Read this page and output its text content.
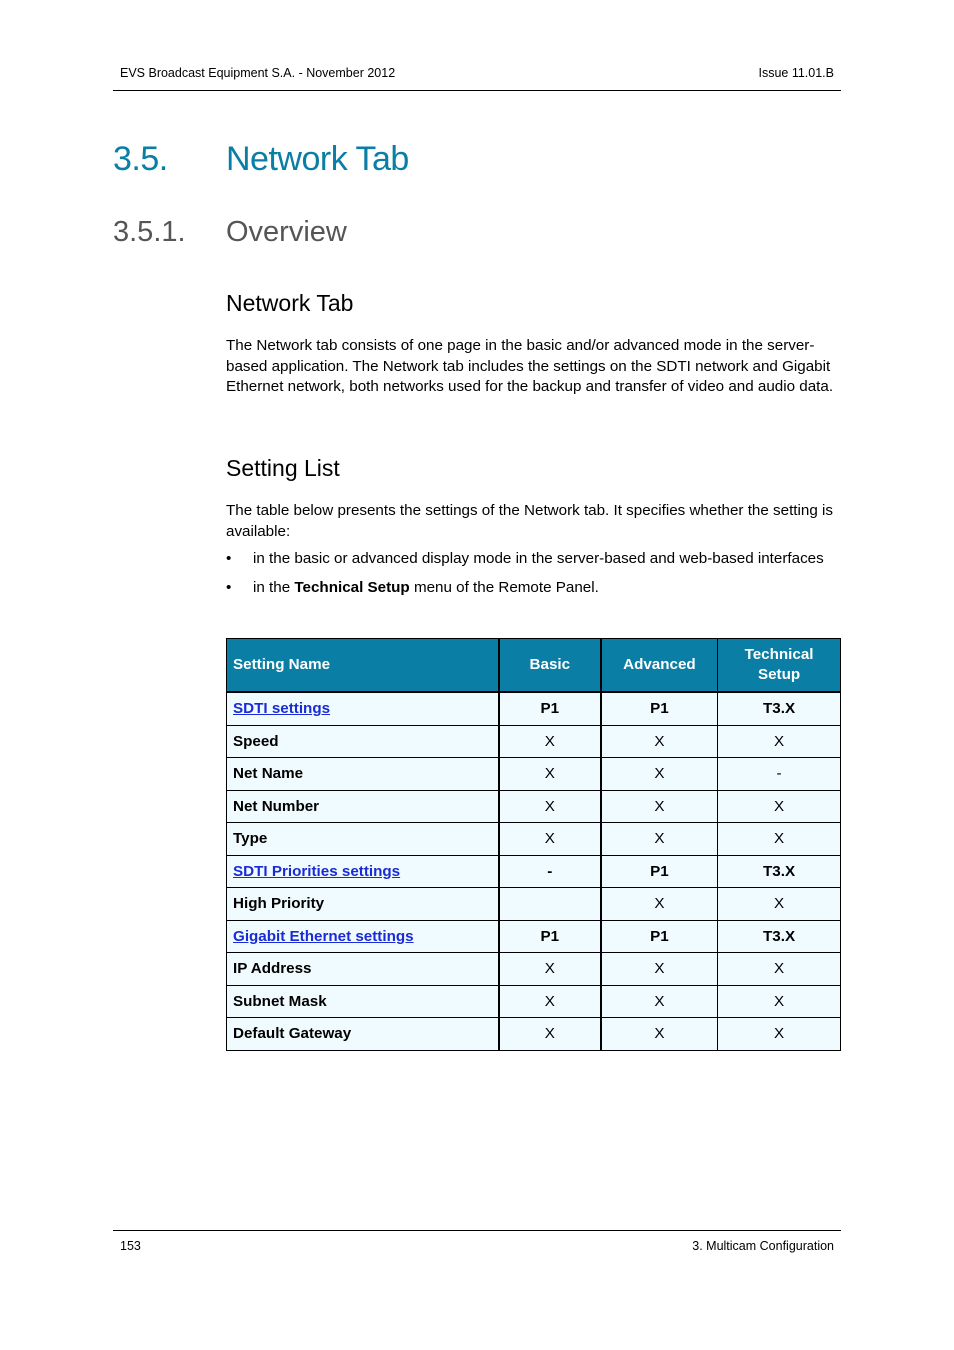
EVS Broadcast Equipment S.A. - November 2012	Issue 11.01.B
3.5. Network Tab
3.5.1. Overview
Network Tab

The Network tab consists of one page in the basic and/or advanced mode in the server-based application. The Network tab includes the settings on the SDTI network and Gigabit Ethernet network, both networks used for the backup and transfer of video and audio data.

Setting List

The table below presents the settings of the Network tab. It specifies whether the setting is available:

• in the basic or advanced display mode in the server-based and web-based interfaces
• in the Technical Setup menu of the Remote Panel.
Setting Name	Basic	Advanced	Technical Setup
SDTI settings	P1	P1	T3.X
Speed	X	X	X
Net Name	X	X	-
Net Number	X	X	X
Type	X	X	X
SDTI Priorities settings	-	P1	T3.X
High Priority		X	X
Gigabit Ethernet settings	P1	P1	T3.X
IP Address	X	X	X
Subnet Mask	X	X	X
Default Gateway	X	X	X
153	3. Multicam Configuration
